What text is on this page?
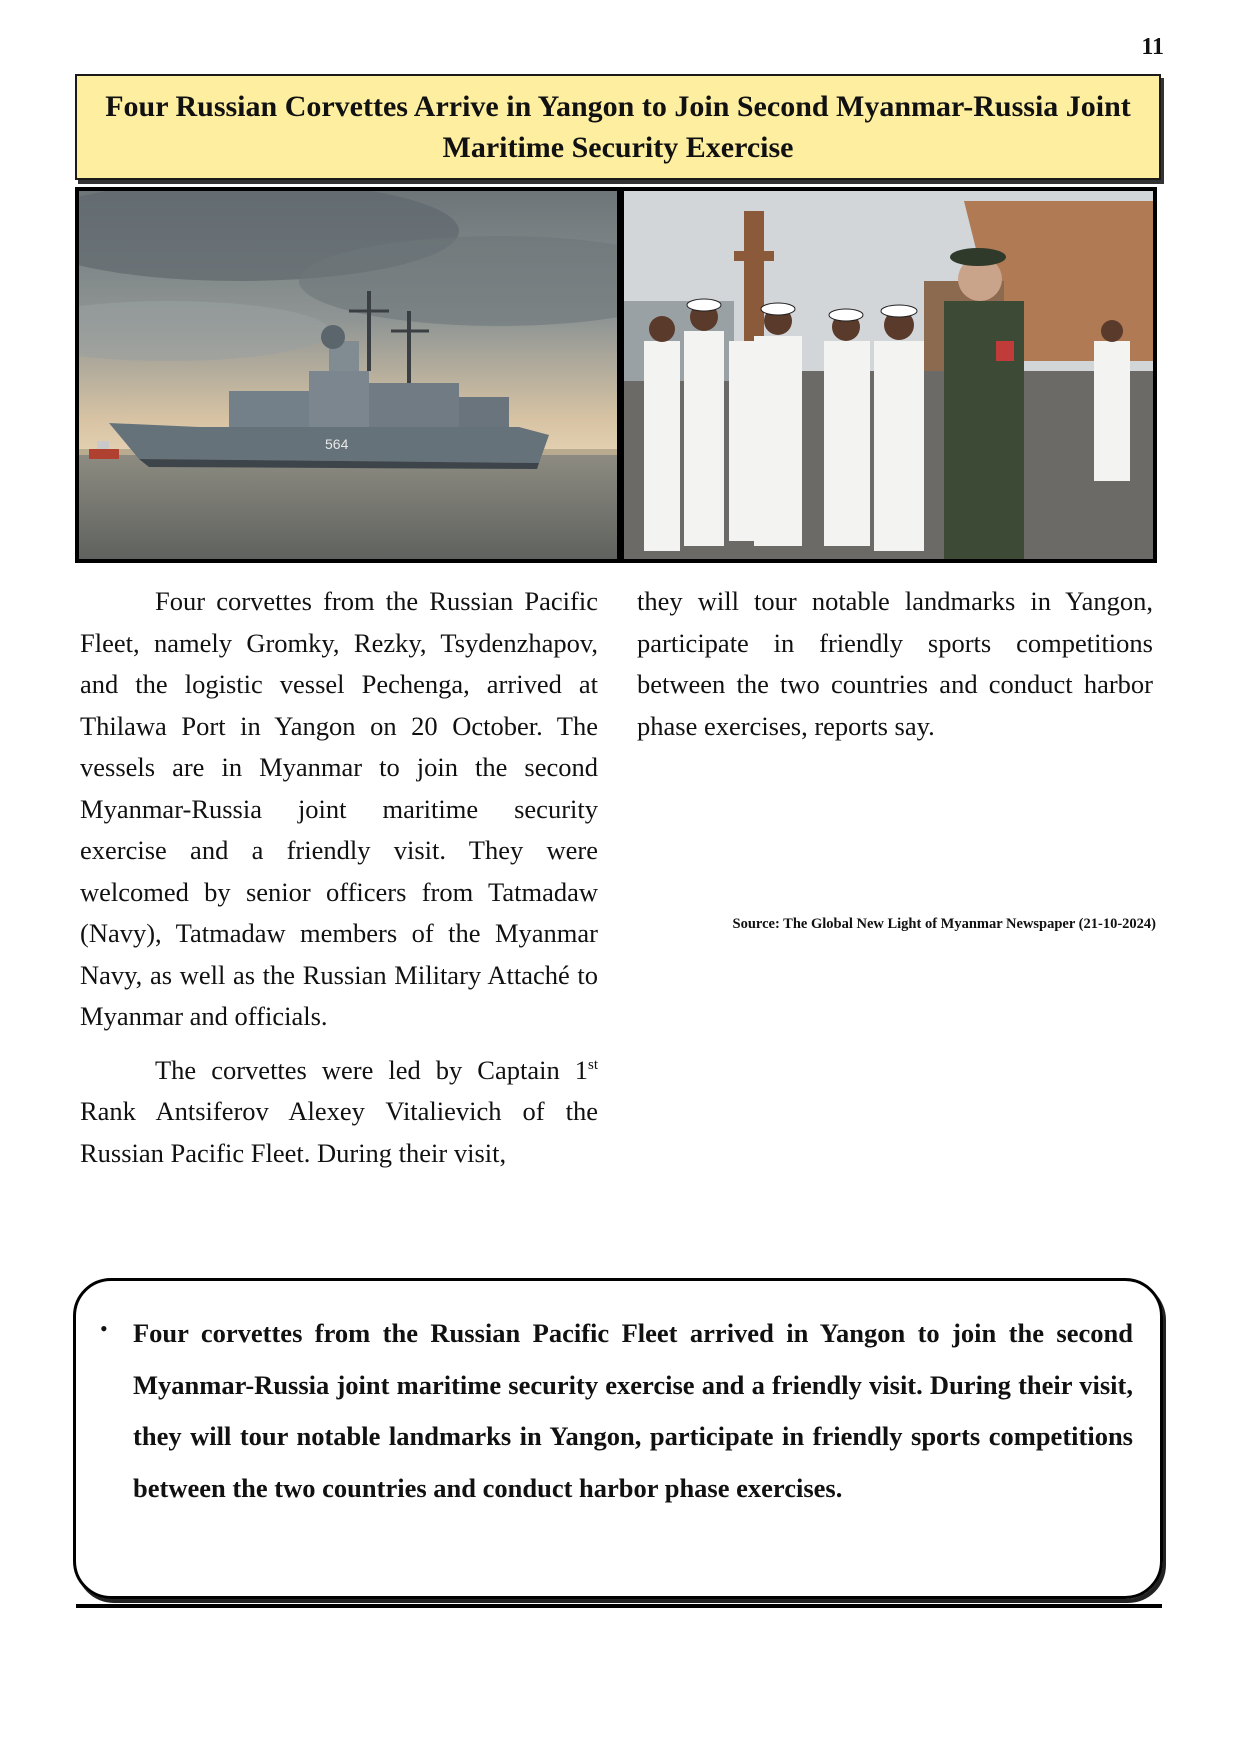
11
Four Russian Corvettes Arrive in Yangon to Join Second Myanmar-Russia Joint Maritime Security Exercise
564

Four corvettes from the Russian Pacific Fleet, namely Gromky, Rezky, Tsydenzhapov, and the logistic vessel Pechenga, arrived at Thilawa Port in Yangon on 20 October. The vessels are in Myanmar to join the second Myanmar-Russia joint maritime security exercise and a friendly visit. They were welcomed by senior officers from Tatmadaw (Navy), Tatmadaw members of the Myanmar Navy, as well as the Russian Military Attaché to Myanmar and officials.

The corvettes were led by Captain 1st Rank Antsiferov Alexey Vitalievich of the Russian Pacific Fleet. During their visit,

they will tour notable landmarks in Yangon, participate in friendly sports competitions between the two countries and conduct harbor phase exercises, reports say.

Source: The Global New Light of Myanmar Newspaper (21-10-2024)
• Four corvettes from the Russian Pacific Fleet arrived in Yangon to join the second Myanmar-Russia joint maritime security exercise and a friendly visit. During their visit, they will tour notable landmarks in Yangon, participate in friendly sports competitions between the two countries and conduct harbor phase exercises.
